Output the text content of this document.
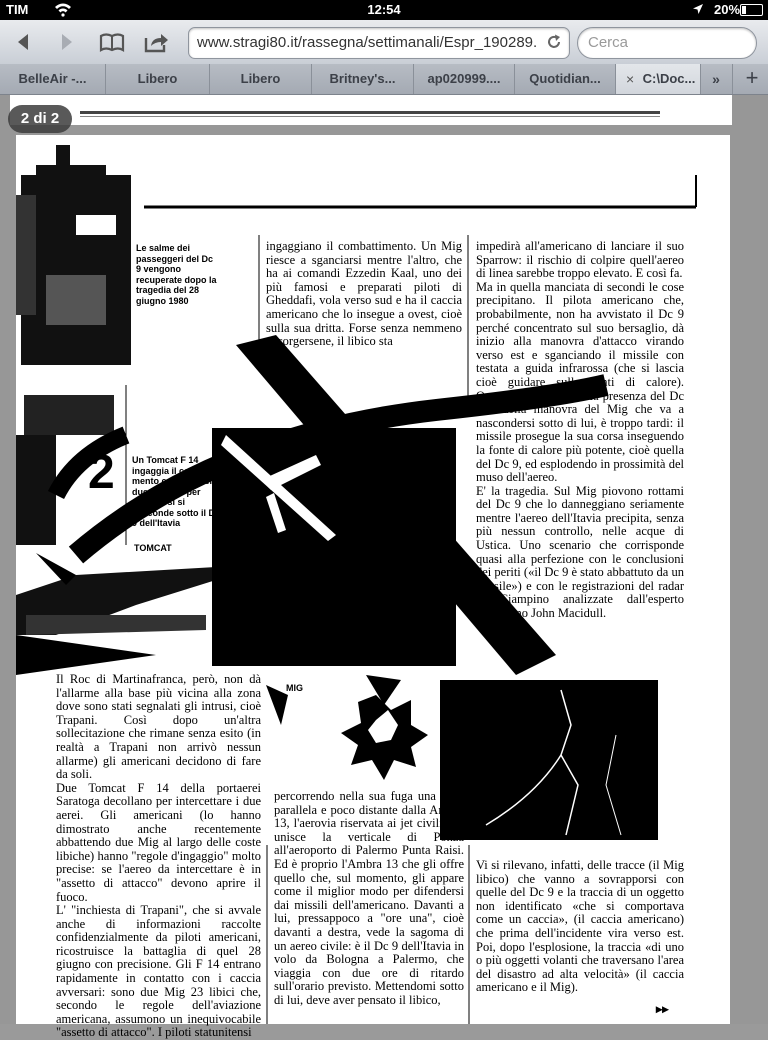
TIM	12:54	20%
www.stragi80.it/rassegna/settimanali/Espr_190289.	Cerca
BelleAir -...	Libero	Libero	Britney's...	ap020999....	Quotidian...	× C:\Doc...	»	+
Le salme dei passeggeri del Dc 9 vengono recuperate dopo la tragedia del 28 giugno 1980
2 Un Tomcat F 14 ingaggia il combatti-mento con uno dei due Mig che per difendersi si nasconde sotto il Dc 9 dell'Itavia
TOMCAT
MIG
ingaggiano il combattimento. Un Mig riesce a sganciarsi mentre l'altro, che ha ai comandi Ezzedin Kaal, uno dei più famosi e preparati piloti di Gheddafi, vola verso sud e ha il caccia americano che lo insegue a ovest, cioè sulla sua dritta. Forse senza nemmeno accorgersene, il libico sta
impedirà all'americano di lanciare il suo Sparrow: il rischio di colpire quell'aereo di linea sarebbe troppo elevato. E così fa.
Ma in quella manciata di secondi le cose precipitano. Il pilota americano che, probabilmente, non ha avvistato il Dc 9 perché concentrato sul suo bersaglio, dà inizio alla manovra d'attacco virando verso est e sganciando il missile con testata a guida infrarossa (che si lascia cioè guidare sulle fonti di calore). Quando si accorge della presenza del Dc 9 e della manovra del Mig che va a nascondersi sotto di lui, è troppo tardi: il missile prosegue la sua corsa inseguendo la fonte di calore più potente, cioè quella del Dc 9, ed esplodendo in prossimità del muso dell'aereo.
E' la tragedia. Sul Mig piovono rottami del Dc 9 che lo danneggiano seriamente mentre l'aereo dell'Itavia precipita, senza più nessun controllo, nelle acque di Ustica. Uno scenario che corrisponde quasi alla perfezione con le conclusioni dei periti («il Dc 9 è stato abbattuto da un missile») e con le registrazioni del radar di Ciampino analizzate dall'esperto americano John Macidull.
Il Roc di Martinafranca, però, non dà l'allarme alla base più vicina alla zona dove sono stati segnalati gli intrusi, cioè Trapani. Così dopo un'altra sollecitazione che rimane senza esito (in realtà a Trapani non arrivò nessun allarme) gli americani decidono di fare da soli.
Due Tomcat F 14 della portaerei Saratoga decollano per intercettare i due aerei. Gli americani (lo hanno dimostrato anche recentemente abbattendo due Mig al largo delle coste libiche) hanno "regole d'ingaggio" molto precise: se l'aereo da intercettare è in "assetto di attacco" devono aprire il fuoco.
L' "inchiesta di Trapani", che si avvale anche di informazioni raccolte confidenzialmente da piloti americani, ricostruisce la battaglia di quel 28 giugno con precisione. Gli F 14 entrano rapidamente in contatto con i caccia avversari: sono due Mig 23 libici che, secondo le regole dell'aviazione americana, assumono un inequivocabile "assetto di attacco". I piloti statunitensi
percorrendo nella sua fuga una rotta parallela e poco distante dalla Ambra 13, l'aerovia riservata ai jet civili che unisce la verticale di Ponza all'aeroporto di Palermo Punta Raisi. Ed è proprio l'Ambra 13 che gli offre quello che, sul momento, gli appare come il miglior modo per difendersi dai missili dell'americano. Davanti a lui, pressappoco a "ore una", cioè davanti a destra, vede la sagoma di un aereo civile: è il Dc 9 dell'Itavia in volo da Bologna a Palermo, che viaggia con due ore di ritardo sull'orario previsto. Mettendomi sotto di lui, deve aver pensato il libico,
Vi si rilevano, infatti, delle tracce (il Mig libico) che vanno a sovrapporsi con quelle del Dc 9 e la traccia di un oggetto non identificato «che si comportava come un caccia», (il caccia americano) che prima dell'incidente vira verso est. Poi, dopo l'esplosione, la traccia «di uno o più oggetti volanti che traversano l'area del disastro ad alta velocità» (il caccia americano e il Mig).
▸▸
2 di 2
